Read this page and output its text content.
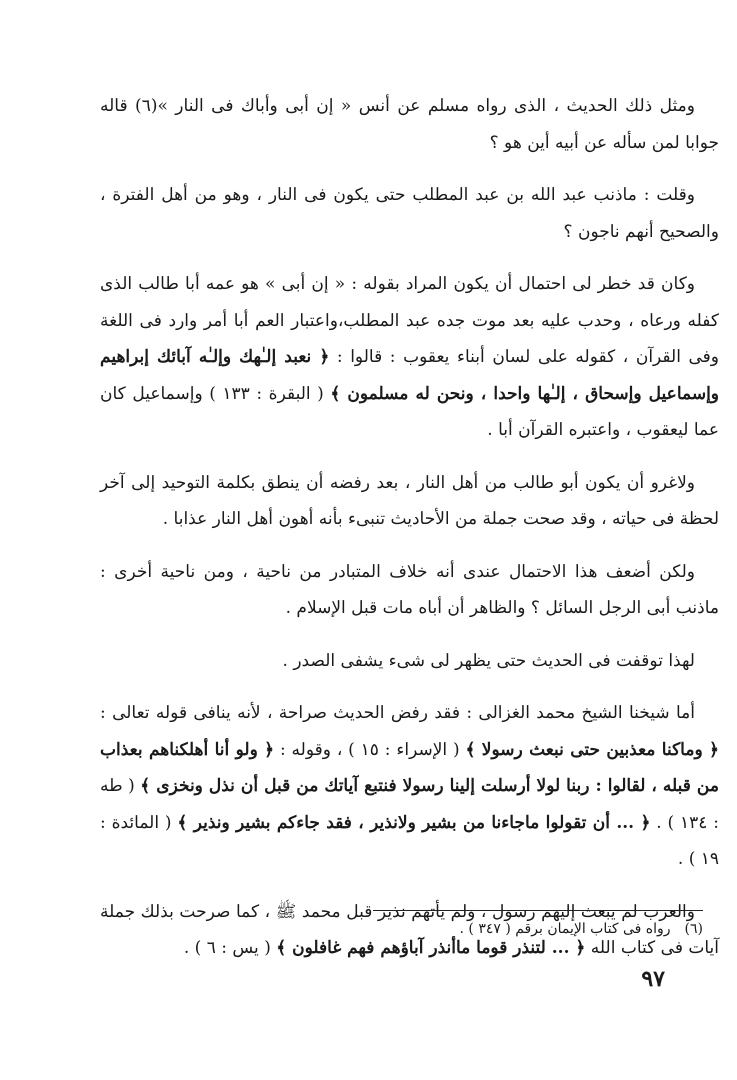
ومثل ذلك الحديث ، الذى رواه مسلم عن أنس « إن أبى وأباك فى النار »(٦) قاله جوابا لمن سأله عن أبيه أين هو ؟

وقلت : ماذنب عبد الله بن عبد المطلب حتى يكون فى النار ، وهو من أهل الفترة ، والصحيح أنهم ناجون ؟

وكان قد خطر لى احتمال أن يكون المراد بقوله : « إن أبى » هو عمه أبا طالب الذى كفله ورعاه ، وحدب عليه بعد موت جده عبد المطلب،واعتبار العم أبا أمر وارد فى اللغة وفى القرآن ، كقوله على لسان أبناء يعقوب : قالوا : ﴿ نعبد إلـٰهك وإلـٰه آبائك إبراهيم وإسماعيل وإسحاق ، إلـٰها واحدا ، ونحن له مسلمون ﴾ ( البقرة : ١٣٣ ) وإسماعيل كان عما ليعقوب ، واعتبره القرآن أبا .

ولاغرو أن يكون أبو طالب من أهل النار ، بعد رفضه أن ينطق بكلمة التوحيد إلى آخر لحظة فى حياته ، وقد صحت جملة من الأحاديث تنبىء بأنه أهون أهل النار عذابا .

ولكن أضعف هذا الاحتمال عندى أنه خلاف المتبادر من ناحية ، ومن ناحية أخرى : ماذنب أبى الرجل السائل ؟ والظاهر أن أباه مات قبل الإسلام .

لهذا توقفت فى الحديث حتى يظهر لى شىء يشفى الصدر .

أما شيخنا الشيخ محمد الغزالى : فقد رفض الحديث صراحة ، لأنه ينافى قوله تعالى : ﴿ وماكنا معذبين حتى نبعث رسولا ﴾ ( الإسراء : ١٥ ) ، وقوله : ﴿ ولو أنا أهلكناهم بعذاب من قبله ، لقالوا : ربنا لولا أرسلت إلينا رسولا فنتبع آياتك من قبل أن نذل ونخزى ﴾ ( طه : ١٣٤ ) . ﴿ ... أن تقولوا ماجاءنا من بشير ولانذير ، فقد جاءكم بشير ونذير ﴾ ( المائدة : ١٩ ) .

والعرب لم يبعث إليهم رسول ، ولم يأتهم نذير قبل محمد ﷺ ، كما صرحت بذلك جملة آيات فى كتاب الله ﴿ ... لتنذر قوما ماأنذر آباؤهم فهم غافلون ﴾ ( يس : ٦ ) .

(٦)رواه فى كتاب الإيمان برقم ( ٣٤٧ ) .
٩٧
